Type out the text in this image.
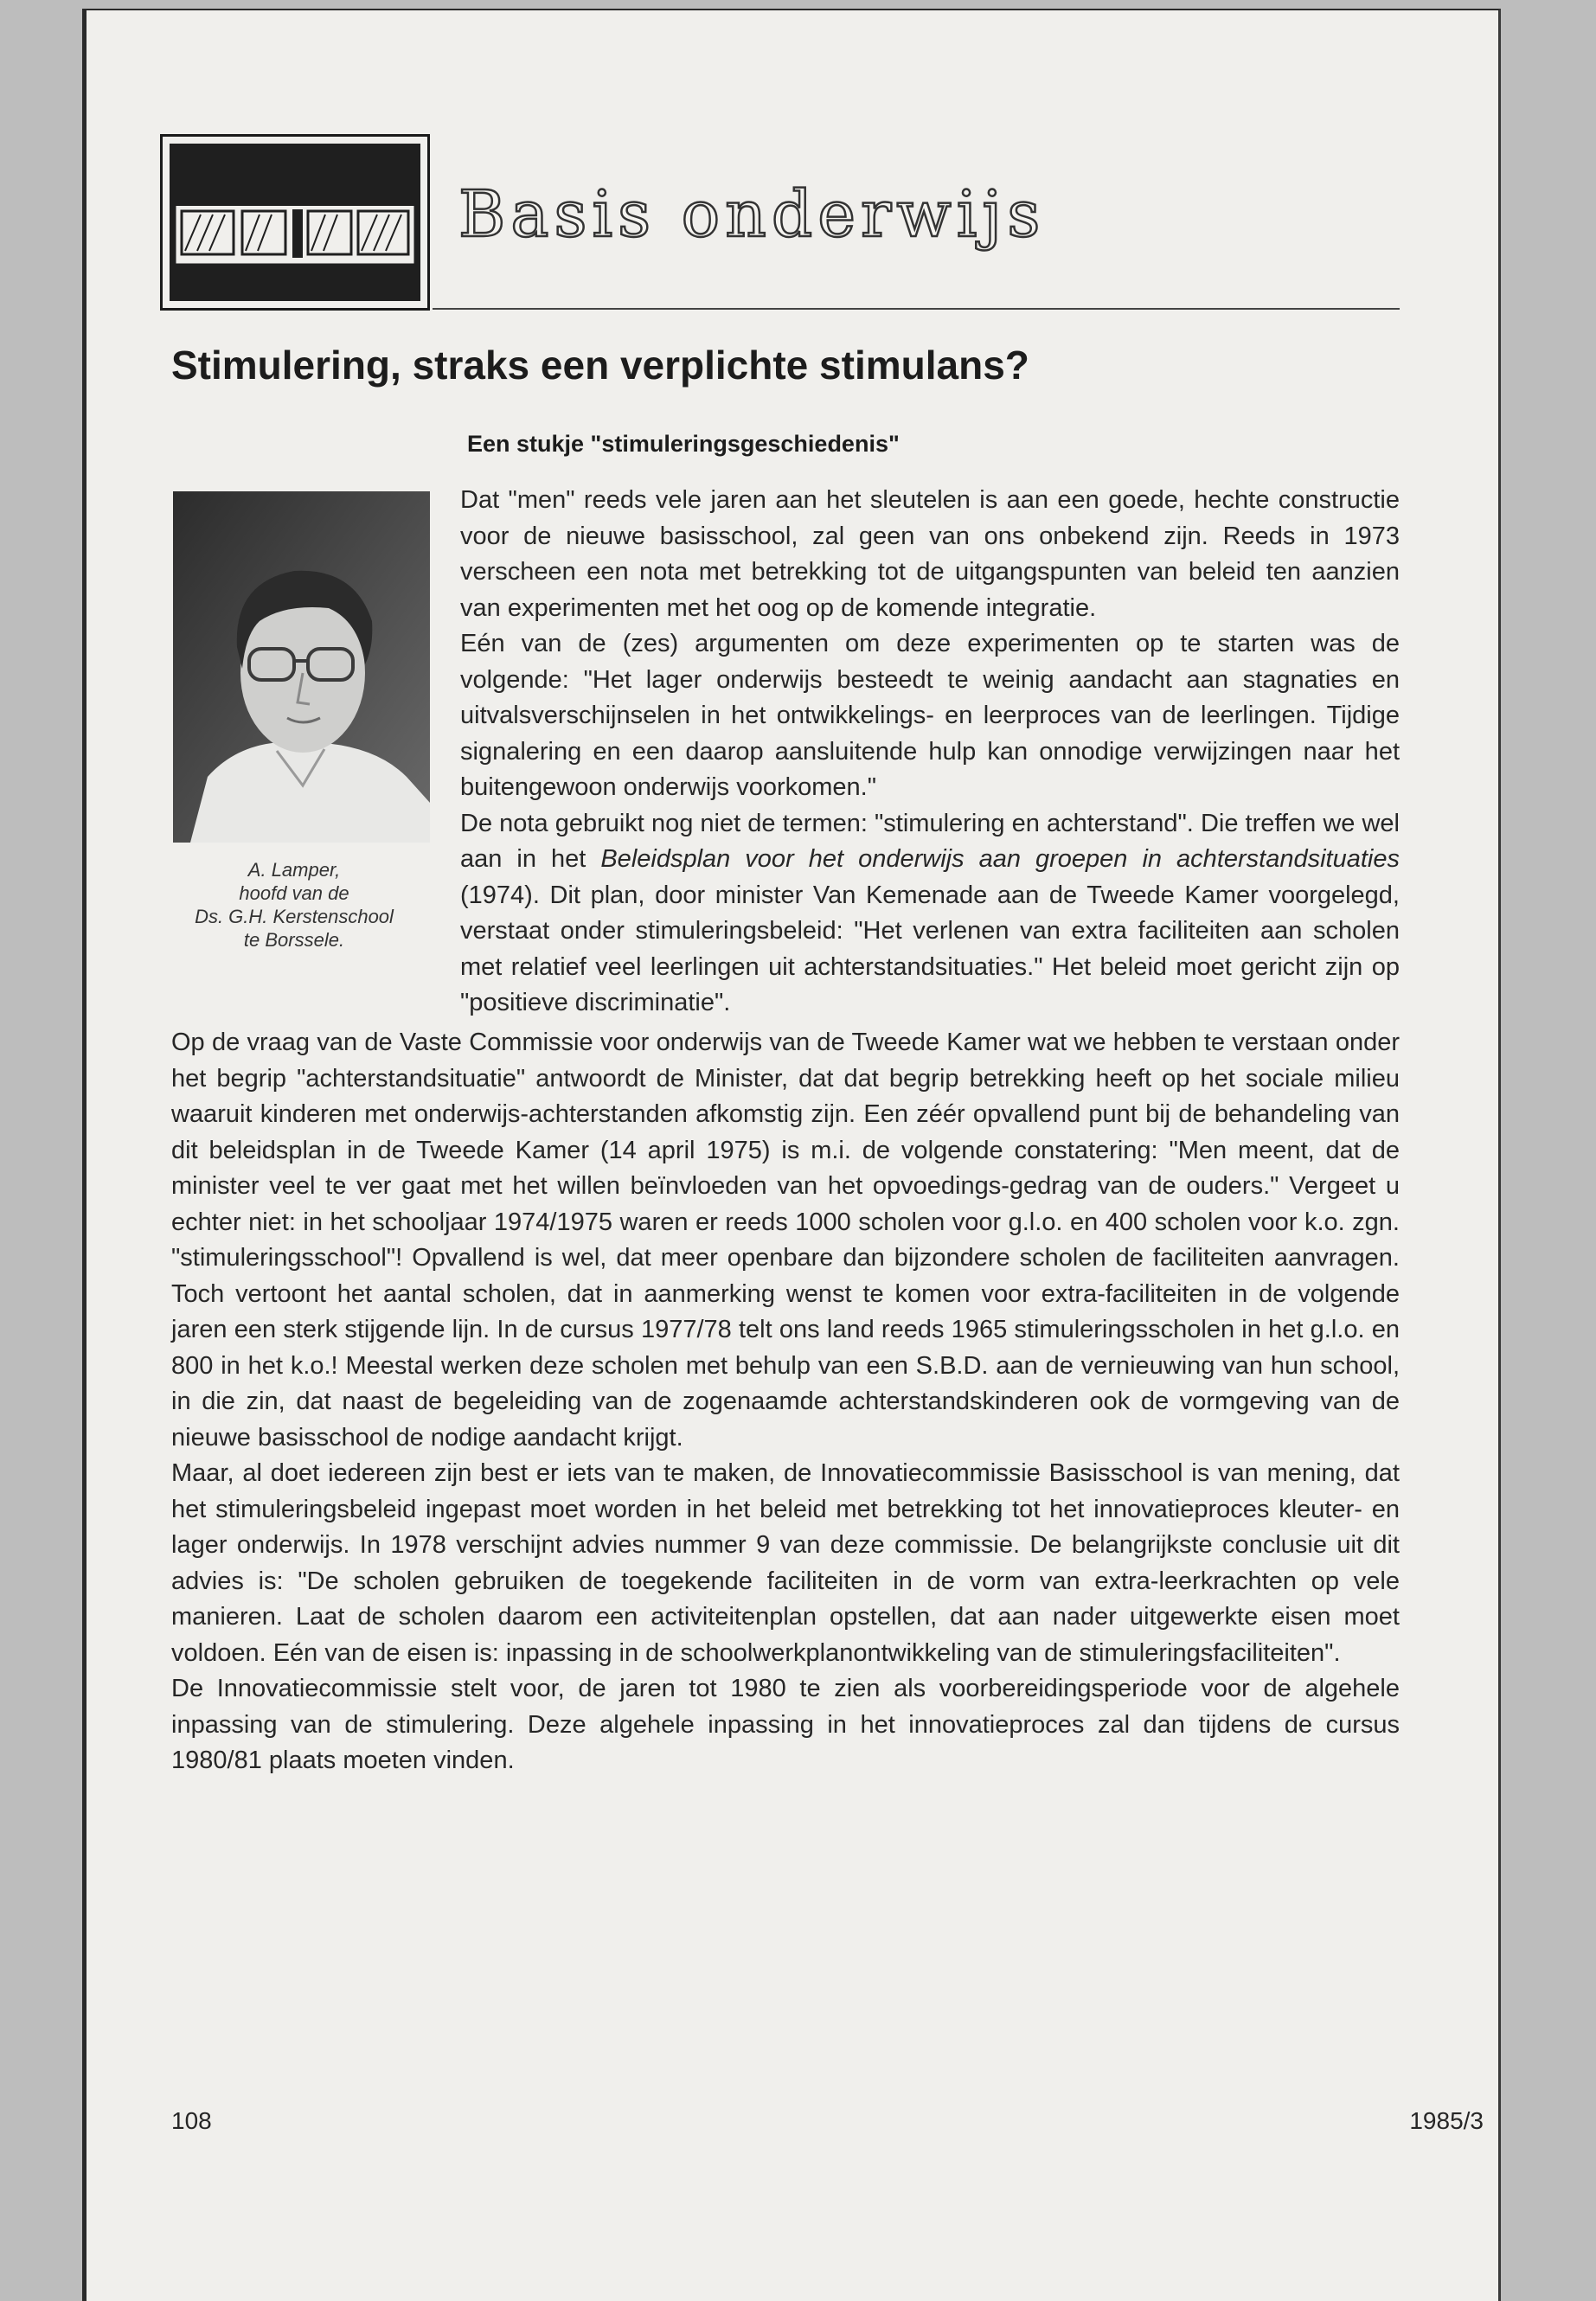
Basis onderwijs
Stimulering, straks een verplichte stimulans?
Een stukje "stimuleringsgeschiedenis"
A. Lamper,
hoofd van de
Ds. G.H. Kerstenschool
te Borssele.

Dat "men" reeds vele jaren aan het sleutelen is aan een goede, hechte constructie voor de nieuwe basisschool, zal geen van ons onbekend zijn. Reeds in 1973 verscheen een nota met betrekking tot de uitgangspunten van beleid ten aanzien van experimenten met het oog op de komende integratie.

Eén van de (zes) argumenten om deze experimenten op te starten was de volgende: "Het lager onderwijs besteedt te weinig aandacht aan stagnaties en uitvalsverschijnselen in het ontwikkelings- en leerproces van de leerlingen. Tijdige signalering en een daarop aansluitende hulp kan onnodige verwijzingen naar het buitengewoon onderwijs voorkomen."

De nota gebruikt nog niet de termen: "stimulering en achterstand". Die treffen we wel aan in het Beleidsplan voor het onderwijs aan groepen in achterstandsituaties (1974). Dit plan, door minister Van Kemenade aan de Tweede Kamer voorgelegd, verstaat onder stimuleringsbeleid: "Het verlenen van extra faciliteiten aan scholen met relatief veel leerlingen uit achterstandsituaties." Het beleid moet gericht zijn op "positieve discriminatie".

Op de vraag van de Vaste Commissie voor onderwijs van de Tweede Kamer wat we hebben te verstaan onder het begrip "achterstandsituatie" antwoordt de Minister, dat dat begrip betrekking heeft op het sociale milieu waaruit kinderen met onderwijs-achterstanden afkomstig zijn. Een zéér opvallend punt bij de behandeling van dit beleidsplan in de Tweede Kamer (14 april 1975) is m.i. de volgende constatering: "Men meent, dat de minister veel te ver gaat met het willen beïnvloeden van het opvoedings-gedrag van de ouders." Vergeet u echter niet: in het schooljaar 1974/1975 waren er reeds 1000 scholen voor g.l.o. en 400 scholen voor k.o. zgn. "stimuleringsschool"! Opvallend is wel, dat meer openbare dan bijzondere scholen de faciliteiten aanvragen. Toch vertoont het aantal scholen, dat in aanmerking wenst te komen voor extra-faciliteiten in de volgende jaren een sterk stijgende lijn. In de cursus 1977/78 telt ons land reeds 1965 stimuleringsscholen in het g.l.o. en 800 in het k.o.! Meestal werken deze scholen met behulp van een S.B.D. aan de vernieuwing van hun school, in die zin, dat naast de begeleiding van de zogenaamde achterstandskinderen ook de vormgeving van de nieuwe basisschool de nodige aandacht krijgt.

Maar, al doet iedereen zijn best er iets van te maken, de Innovatiecommissie Basisschool is van mening, dat het stimuleringsbeleid ingepast moet worden in het beleid met betrekking tot het innovatieproces kleuter- en lager onderwijs. In 1978 verschijnt advies nummer 9 van deze commissie. De belangrijkste conclusie uit dit advies is: "De scholen gebruiken de toegekende faciliteiten in de vorm van extra-leerkrachten op vele manieren. Laat de scholen daarom een activiteitenplan opstellen, dat aan nader uitgewerkte eisen moet voldoen. Eén van de eisen is: inpassing in de schoolwerkplanontwikkeling van de stimuleringsfaciliteiten".

De Innovatiecommissie stelt voor, de jaren tot 1980 te zien als voorbereidingsperiode voor de algehele inpassing van de stimulering. Deze algehele inpassing in het innovatieproces zal dan tijdens de cursus 1980/81 plaats moeten vinden.

108	1985/3
